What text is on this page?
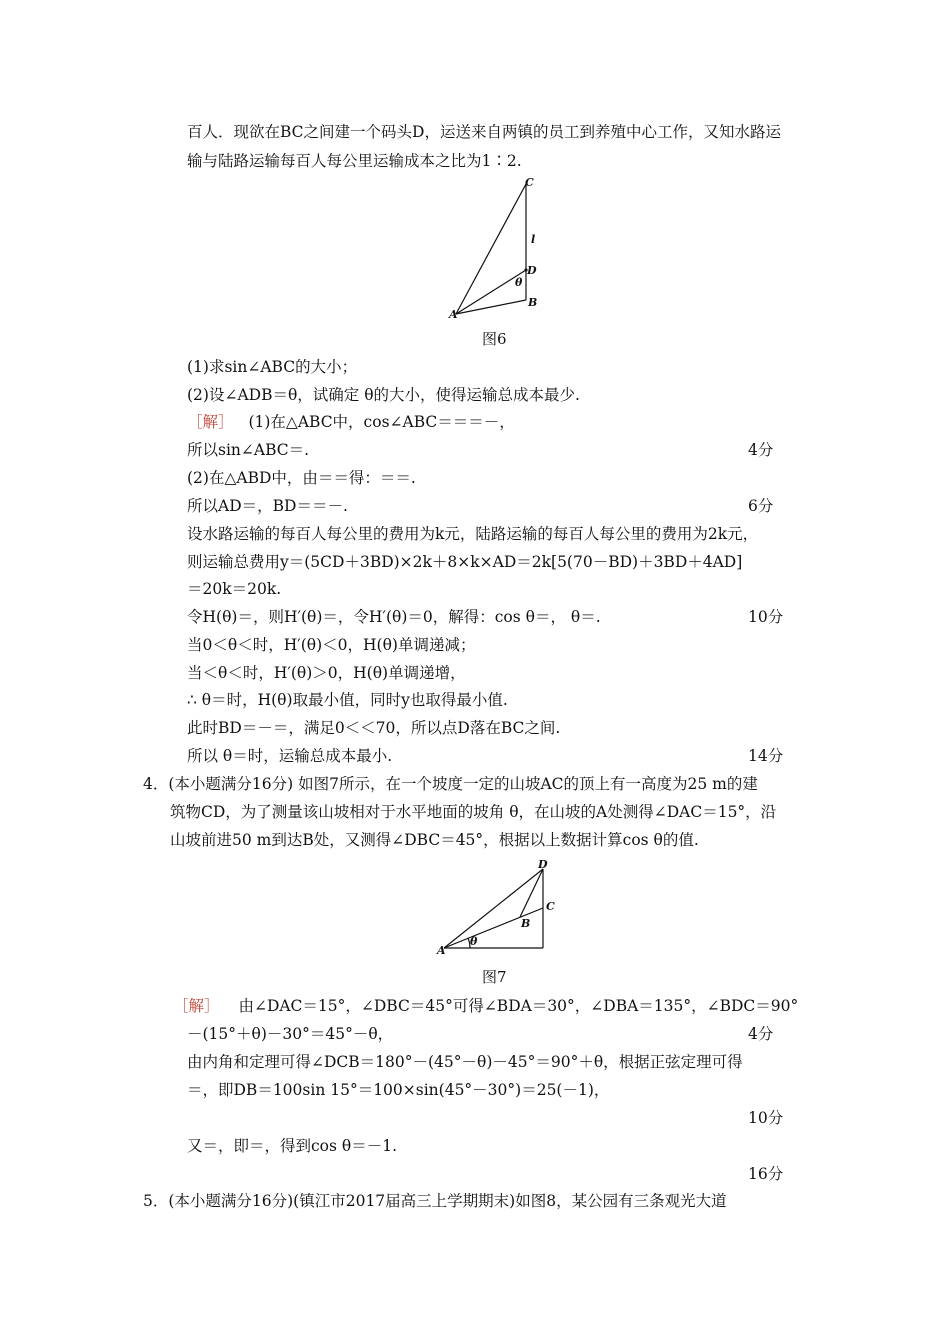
百人．现欲在BC之间建一个码头D，运送来自两镇的员工到养殖中心工作，又知水路运
输与陆路运输每百人每公里运输成本之比为1∶2.
C
l
D
θ
B
A
图6
(1)求sin∠ABC的大小；
(2)设∠ADB＝θ，试确定 θ的大小，使得运输总成本最少.
［解］ (1)在△ABC中，cos∠ABC＝＝＝－，
所以sin∠ABC＝.	4分
(2)在△ABD中，由＝＝得：＝＝.
所以AD＝，BD＝＝－.	6分
设水路运输的每百人每公里的费用为k元，陆路运输的每百人每公里的费用为2k元，
则运输总费用y＝(5CD＋3BD)×2k＋8×k×AD＝2k[5(70－BD)＋3BD＋4AD]
＝20k＝20k.
令H(θ)＝，则H′(θ)＝，令H′(θ)＝0，解得：cos θ＝， θ＝.	10分
当0＜θ＜时，H′(θ)＜0，H(θ)单调递减；
当＜θ＜时，H′(θ)＞0，H(θ)单调递增，
∴ θ＝时，H(θ)取最小值，同时y也取得最小值.
此时BD＝－＝，满足0＜＜70，所以点D落在BC之间.
所以 θ＝时，运输总成本最小.	14分
4．(本小题满分16分) 如图7所示，在一个坡度一定的山坡AC的顶上有一高度为25 m的建
筑物CD，为了测量该山坡相对于水平地面的坡角 θ，在山坡的A处测得∠DAC＝15°，沿
山坡前进50 m到达B处，又测得∠DBC＝45°，根据以上数据计算cos θ的值.
D
C
B
θ
A
图7
［解］ 由∠DAC＝15°，∠DBC＝45°可得∠BDA＝30°，∠DBA＝135°，∠BDC＝90°
－(15°＋θ)－30°＝45°－θ，	4分
由内角和定理可得∠DCB＝180°－(45°－θ)－45°＝90°＋θ，根据正弦定理可得
＝，即DB＝100sin 15°＝100×sin(45°－30°)＝25(－1)，
10分
又＝，即＝，得到cos θ＝－1.
16分
5．(本小题满分16分)(镇江市2017届高三上学期期末)如图8，某公园有三条观光大道
